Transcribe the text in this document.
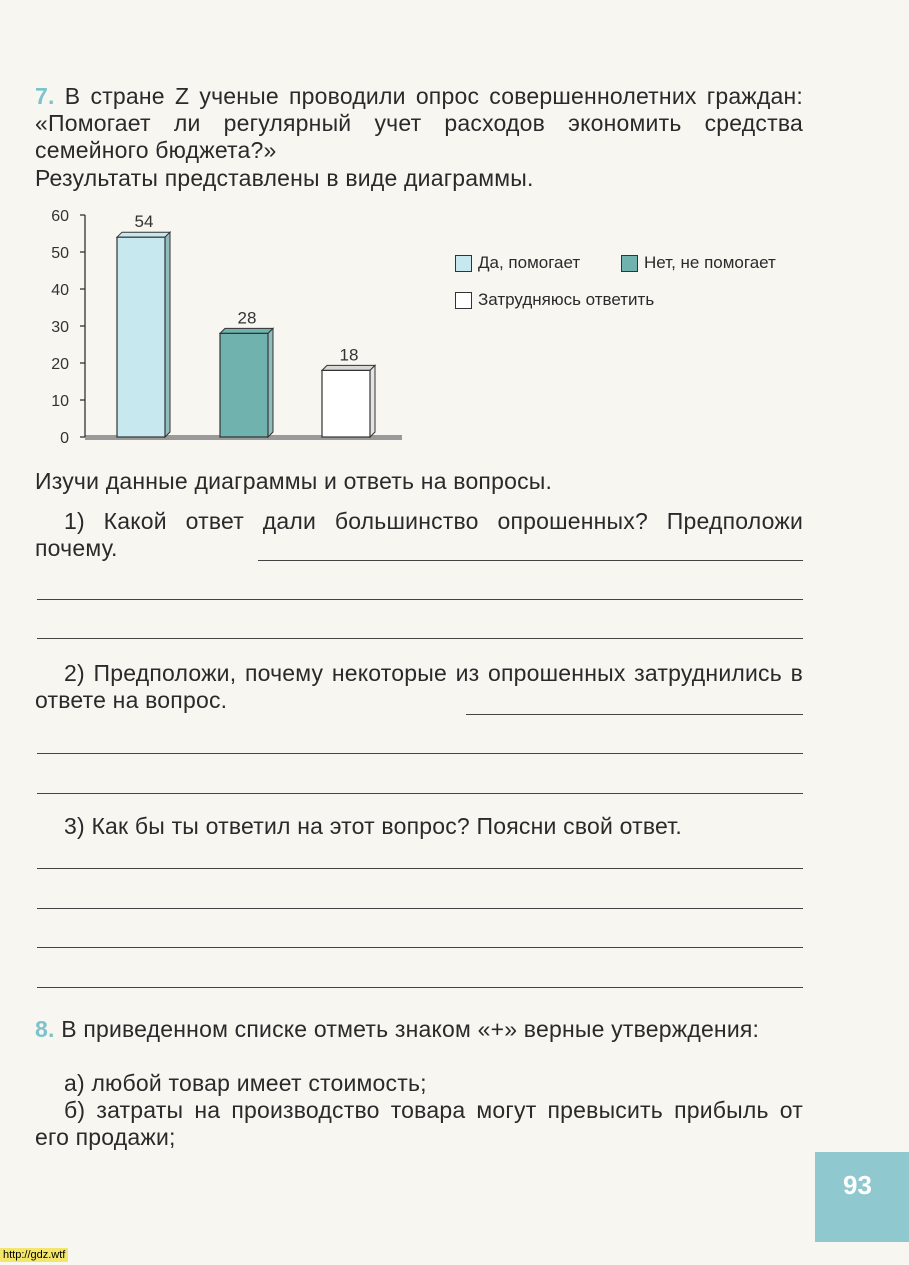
7. В стране Z ученые проводили опрос совершеннолетних граждан: «Помогает ли регулярный учет расходов экономить средства семейного бюджета?»

Результаты представлены в виде диаграммы.

0
10
20
30
40
50
60	54
28
18
Да, помогает	Нет, не помогает
Затрудняюсь ответить

Изучи данные диаграммы и ответь на вопросы.

1) Какой ответ дали большинство опрошенных? Предположи почему.

2) Предположи, почему некоторые из опрошенных затруднились в ответе на вопрос.

3) Как бы ты ответил на этот вопрос? Поясни свой ответ.

8. В приведенном списке отметь знаком «+» верные утверждения:

а) любой товар имеет стоимость;

б) затраты на производство товара могут превысить прибыль от его продажи;

93
http://gdz.wtf
